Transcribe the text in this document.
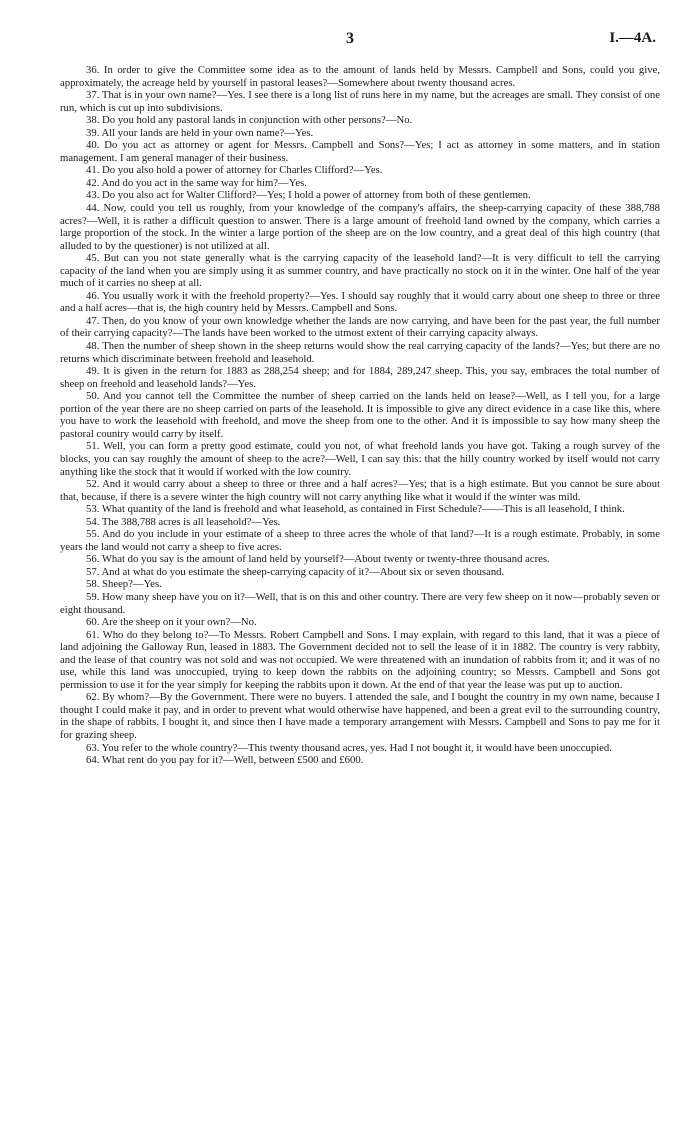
3	I.—4A.

36. In order to give the Committee some idea as to the amount of lands held by Messrs. Campbell and Sons, could you give, approximately, the acreage held by yourself in pastoral leases?—Somewhere about twenty thousand acres.

37. That is in your own name?—Yes. I see there is a long list of runs here in my name, but the acreages are small. They consist of one run, which is cut up into subdivisions.

38. Do you hold any pastoral lands in conjunction with other persons?—No.

39. All your lands are held in your own name?—Yes.

40. Do you act as attorney or agent for Messrs. Campbell and Sons?—Yes; I act as attorney in some matters, and in station management. I am general manager of their business.

41. Do you also hold a power of attorney for Charles Clifford?—Yes.

42. And do you act in the same way for him?—Yes.

43. Do you also act for Walter Clifford?—Yes; I hold a power of attorney from both of these gentlemen.

44. Now, could you tell us roughly, from your knowledge of the company's affairs, the sheep-carrying capacity of these 388,788 acres?—Well, it is rather a difficult question to answer. There is a large amount of freehold land owned by the company, which carries a large proportion of the stock. In the winter a large portion of the sheep are on the low country, and a great deal of this high country (that alluded to by the questioner) is not utilized at all.

45. But can you not state generally what is the carrying capacity of the leasehold land?—It is very difficult to tell the carrying capacity of the land when you are simply using it as summer country, and have practically no stock on it in the winter. One half of the year much of it carries no sheep at all.

46. You usually work it with the freehold property?—Yes. I should say roughly that it would carry about one sheep to three or three and a half acres—that is, the high country held by Messrs. Campbell and Sons.

47. Then, do you know of your own knowledge whether the lands are now carrying, and have been for the past year, the full number of their carrying capacity?—The lands have been worked to the utmost extent of their carrying capacity always.

48. Then the number of sheep shown in the sheep returns would show the real carrying capacity of the lands?—Yes; but there are no returns which discriminate between freehold and leasehold.

49. It is given in the return for 1883 as 288,254 sheep; and for 1884, 289,247 sheep. This, you say, embraces the total number of sheep on freehold and leasehold lands?—Yes.

50. And you cannot tell the Committee the number of sheep carried on the lands held on lease?—Well, as I tell you, for a large portion of the year there are no sheep carried on parts of the leasehold. It is impossible to give any direct evidence in a case like this, where you have to work the leasehold with freehold, and move the sheep from one to the other. And it is impossible to say how many sheep the pastoral country would carry by itself.

51. Well, you can form a pretty good estimate, could you not, of what freehold lands you have got. Taking a rough survey of the blocks, you can say roughly the amount of sheep to the acre?—Well, I can say this: that the hilly country worked by itself would not carry anything like the stock that it would if worked with the low country.

52. And it would carry about a sheep to three or three and a half acres?—Yes; that is a high estimate. But you cannot be sure about that, because, if there is a severe winter the high country will not carry anything like what it would if the winter was mild.

53. What quantity of the land is freehold and what leasehold, as contained in First Schedule?——This is all leasehold, I think.

54. The 388,788 acres is all leasehold?—Yes.

55. And do you include in your estimate of a sheep to three acres the whole of that land?—It is a rough estimate. Probably, in some years the land would not carry a sheep to five acres.

56. What do you say is the amount of land held by yourself?—About twenty or twenty-three thousand acres.

57. And at what do you estimate the sheep-carrying capacity of it?—About six or seven thousand.

58. Sheep?—Yes.

59. How many sheep have you on it?—Well, that is on this and other country. There are very few sheep on it now—probably seven or eight thousand.

60. Are the sheep on it your own?—No.

61. Who do they belong to?—To Messrs. Robert Campbell and Sons. I may explain, with regard to this land, that it was a piece of land adjoining the Galloway Run, leased in 1883. The Government decided not to sell the lease of it in 1882. The country is very rabbity, and the lease of that country was not sold and was not occupied. We were threatened with an inundation of rabbits from it; and it was of no use, while this land was unoccupied, trying to keep down the rabbits on the adjoining country; so Messrs. Campbell and Sons got permission to use it for the year simply for keeping the rabbits upon it down. At the end of that year the lease was put up to auction.

62. By whom?—By the Government. There were no buyers. I attended the sale, and I bought the country in my own name, because I thought I could make it pay, and in order to prevent what would otherwise have happened, and been a great evil to the surrounding country, in the shape of rabbits. I bought it, and since then I have made a temporary arrangement with Messrs. Campbell and Sons to pay me for it for grazing sheep.

63. You refer to the whole country?—This twenty thousand acres, yes. Had I not bought it, it would have been unoccupied.

64. What rent do you pay for it?—Well, between £500 and £600.
